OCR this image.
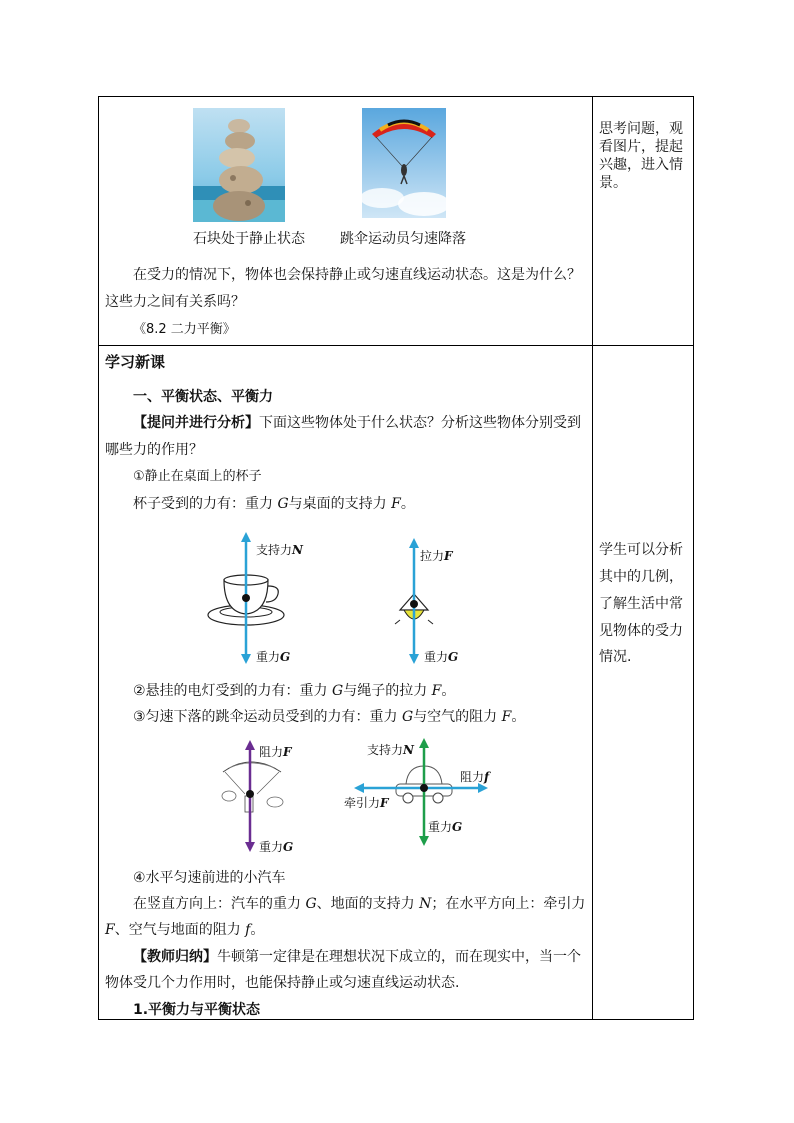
石块处于静止状态	跳伞运动员匀速降落
在受力的情况下，物体也会保持静止或匀速直线运动状态。这是为什么？
这些力之间有关系吗？
《8.2 二力平衡》
思考问题，观
看图片，提起
兴趣，进入情
景。
学生可以分析
其中的几例，
了解生活中常
见物体的受力
情况.
学习新课
一、平衡状态、平衡力
【提问并进行分析】下面这些物体处于什么状态？分析这些物体分别受到
哪些力的作用？
①静止在桌面上的杯子
杯子受到的力有：重力 G与桌面的支持力 F。
支持力N
重力G
拉力F
重力G
②悬挂的电灯受到的力有：重力 G与绳子的拉力 F。
③匀速下落的跳伞运动员受到的力有：重力 G与空气的阻力 F。
阻力F
重力G
支持力N
阻力f
牵引力F
重力G
④水平匀速前进的小汽车
在竖直方向上：汽车的重力 G、地面的支持力 N；在水平方向上：牵引力
F、空气与地面的阻力 f。
【教师归纳】牛顿第一定律是在理想状况下成立的，而在现实中，当一个
物体受几个力作用时，也能保持静止或匀速直线运动状态.
1.平衡力与平衡状态
